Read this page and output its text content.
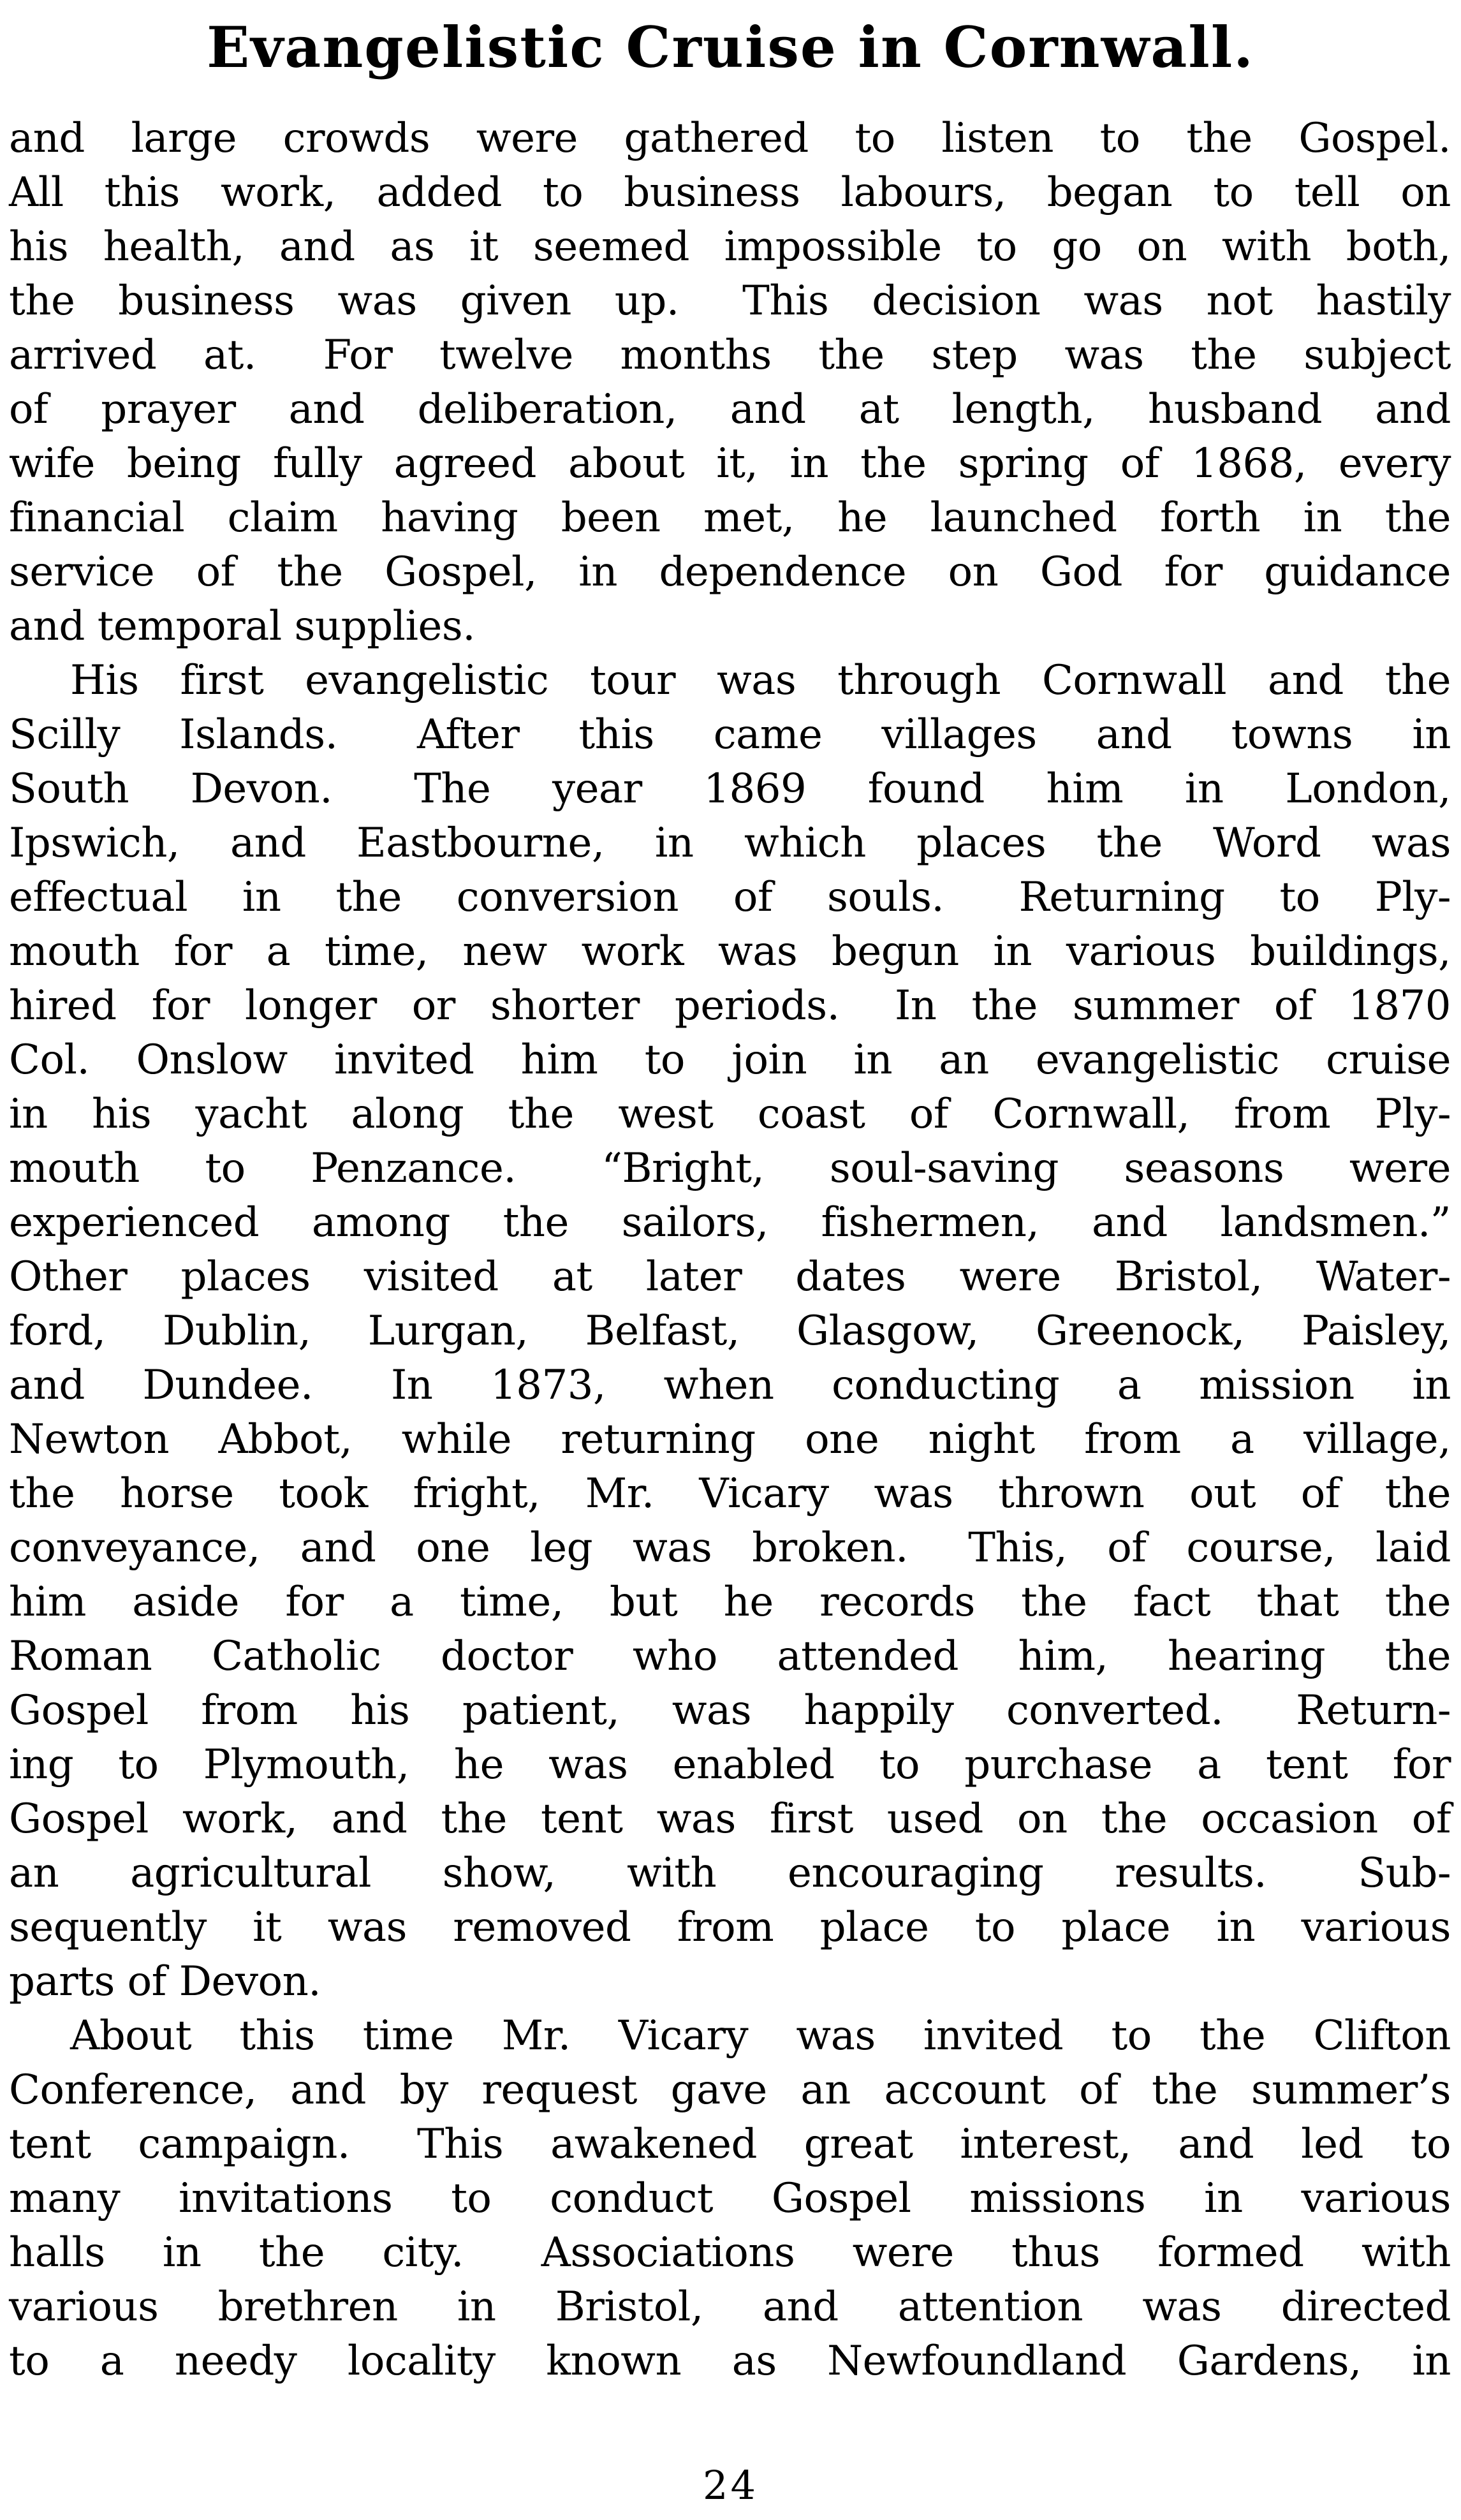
Evangelistic Cruise in Cornwall.
and large crowds were gathered to listen to the Gospel.
All this work, added to business labours, began to tell on
his health, and as it seemed impossible to go on with both,
the business was given up.  This decision was not hastily
arrived at.  For twelve months the step was the subject
of prayer and deliberation, and at length, husband and
wife being fully agreed about it, in the spring of 1868, every
financial claim having been met, he launched forth in the
service of the Gospel, in dependence on God for guidance
and temporal supplies.
His first evangelistic tour was through Cornwall and the
Scilly Islands.  After this came villages and towns in
South Devon.  The year 1869 found him in London,
Ipswich, and Eastbourne, in which places the Word was
effectual in the conversion of souls.  Returning to Ply-
mouth for a time, new work was begun in various buildings,
hired for longer or shorter periods.  In the summer of 1870
Col. Onslow invited him to join in an evangelistic cruise
in his yacht along the west coast of Cornwall, from Ply-
mouth to Penzance.  “Bright, soul-saving seasons were
experienced among the sailors, fishermen, and landsmen.”
Other places visited at later dates were Bristol, Water-
ford, Dublin, Lurgan, Belfast, Glasgow, Greenock, Paisley,
and Dundee.  In 1873, when conducting a mission in
Newton Abbot, while returning one night from a village,
the horse took fright, Mr. Vicary was thrown out of the
conveyance, and one leg was broken.  This, of course, laid
him aside for a time, but he records the fact that the
Roman Catholic doctor who attended him, hearing the
Gospel from his patient, was happily converted.  Return-
ing to Plymouth, he was enabled to purchase a tent for
Gospel work, and the tent was first used on the occasion of
an agricultural show, with encouraging results.  Sub-
sequently it was removed from place to place in various
parts of Devon.
About this time Mr. Vicary was invited to the Clifton
Conference, and by request gave an account of the summer’s
tent campaign.  This awakened great interest, and led to
many invitations to conduct Gospel missions in various
halls in the city.  Associations were thus formed with
various brethren in Bristol, and attention was directed
to a needy locality known as Newfoundland Gardens, in
24
